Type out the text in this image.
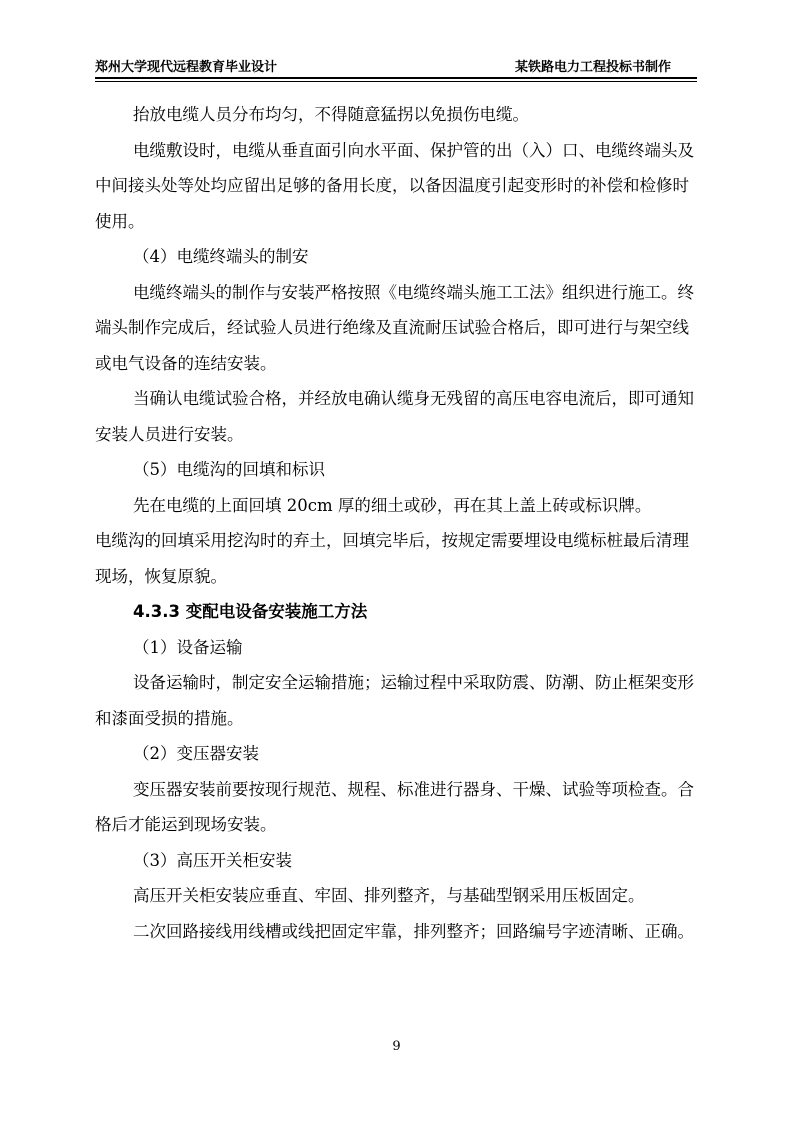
郑州大学现代远程教育毕业设计	某铁路电力工程投标书制作

抬放电缆人员分布均匀，不得随意猛拐以免损伤电缆。

电缆敷设时，电缆从垂直面引向水平面、保护管的出（入）口、电缆终端头及中间接头处等处均应留出足够的备用长度，以备因温度引起变形时的补偿和检修时使用。

（4）电缆终端头的制安

电缆终端头的制作与安装严格按照《电缆终端头施工工法》组织进行施工。终端头制作完成后，经试验人员进行绝缘及直流耐压试验合格后，即可进行与架空线或电气设备的连结安装。

当确认电缆试验合格，并经放电确认缆身无残留的高压电容电流后，即可通知安装人员进行安装。

（5）电缆沟的回填和标识

先在电缆的上面回填 20cm 厚的细土或砂，再在其上盖上砖或标识牌。

电缆沟的回填采用挖沟时的弃土，回填完毕后，按规定需要埋设电缆标桩最后清理现场，恢复原貌。

4.3.3 变配电设备安装施工方法

（1）设备运输

设备运输时，制定安全运输措施；运输过程中采取防震、防潮、防止框架变形和漆面受损的措施。

（2）变压器安装

变压器安装前要按现行规范、规程、标准进行器身、干燥、试验等项检查。合格后才能运到现场安装。

（3）高压开关柜安装

高压开关柜安装应垂直、牢固、排列整齐，与基础型钢采用压板固定。

二次回路接线用线槽或线把固定牢靠，排列整齐；回路编号字迹清晰、正确。

9
